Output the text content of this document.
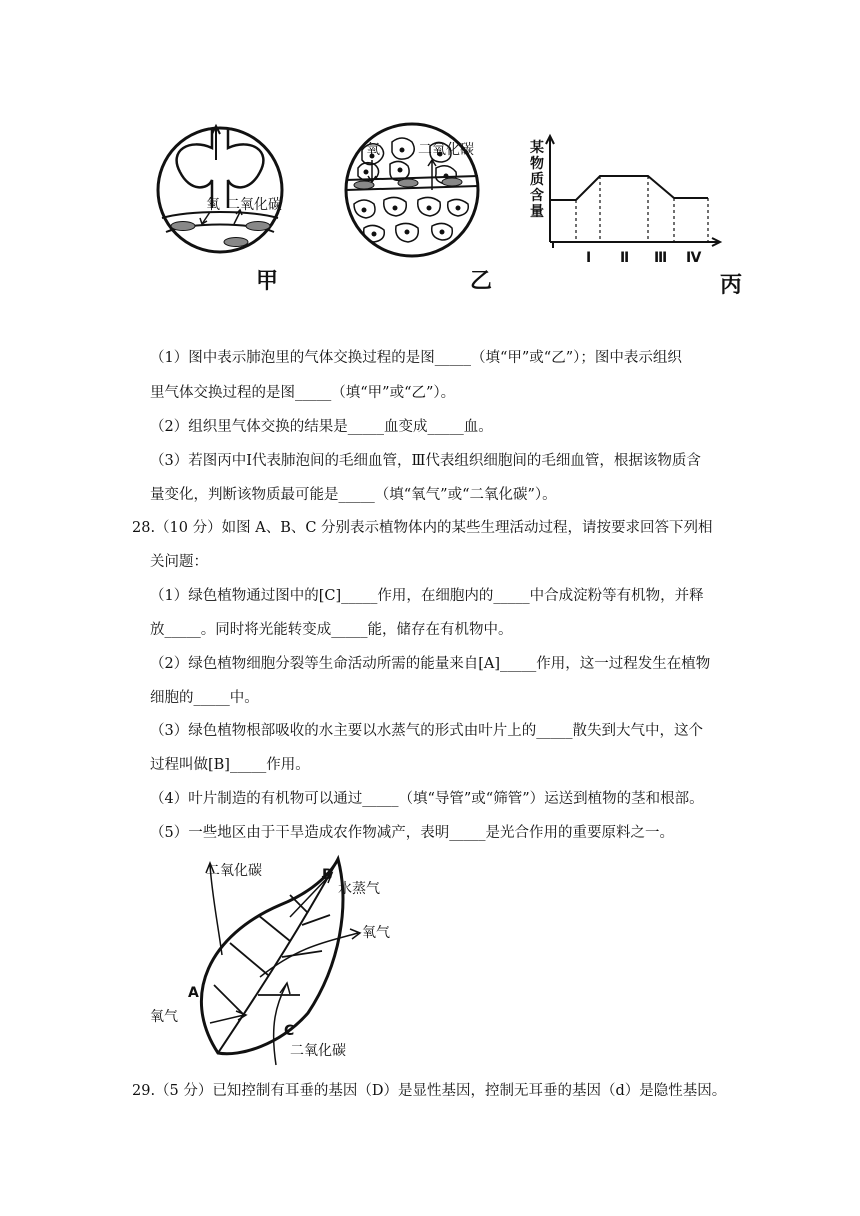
氧 二氧化碳
甲
氧	二氧化碳
乙
某
物
质
含
量
Ⅰ Ⅱ Ⅲ Ⅳ
丙
（1）图中表示肺泡里的气体交换过程的是图_____（填“甲”或“乙”）；图中表示组织
里气体交换过程的是图_____（填“甲”或“乙”）。
（2）组织里气体交换的结果是_____血变成_____血。
（3）若图丙中Ⅰ代表肺泡间的毛细血管，Ⅲ代表组织细胞间的毛细血管，根据该物质含
量变化，判断该物质最可能是_____（填“氧气”或“二氧化碳”）。
28.（10 分）如图 A、B、C 分别表示植物体内的某些生理活动过程，请按要求回答下列相
关问题：
（1）绿色植物通过图中的[C]_____作用，在细胞内的_____中合成淀粉等有机物，并释
放_____。同时将光能转变成_____能，储存在有机物中。
（2）绿色植物细胞分裂等生命活动所需的能量来自[A]_____作用，这一过程发生在植物
细胞的_____中。
（3）绿色植物根部吸收的水主要以水蒸气的形式由叶片上的_____散失到大气中，这个
过程叫做[B]_____作用。
（4）叶片制造的有机物可以通过_____（填“导管”或“筛管”）运送到植物的茎和根部。
（5）一些地区由于干旱造成农作物减产，表明_____是光合作用的重要原料之一。
二氧化碳	B
水蒸气
氧气
A
氧气
C
二氧化碳
29.（5 分）已知控制有耳垂的基因（D）是显性基因，控制无耳垂的基因（d）是隐性基因。
